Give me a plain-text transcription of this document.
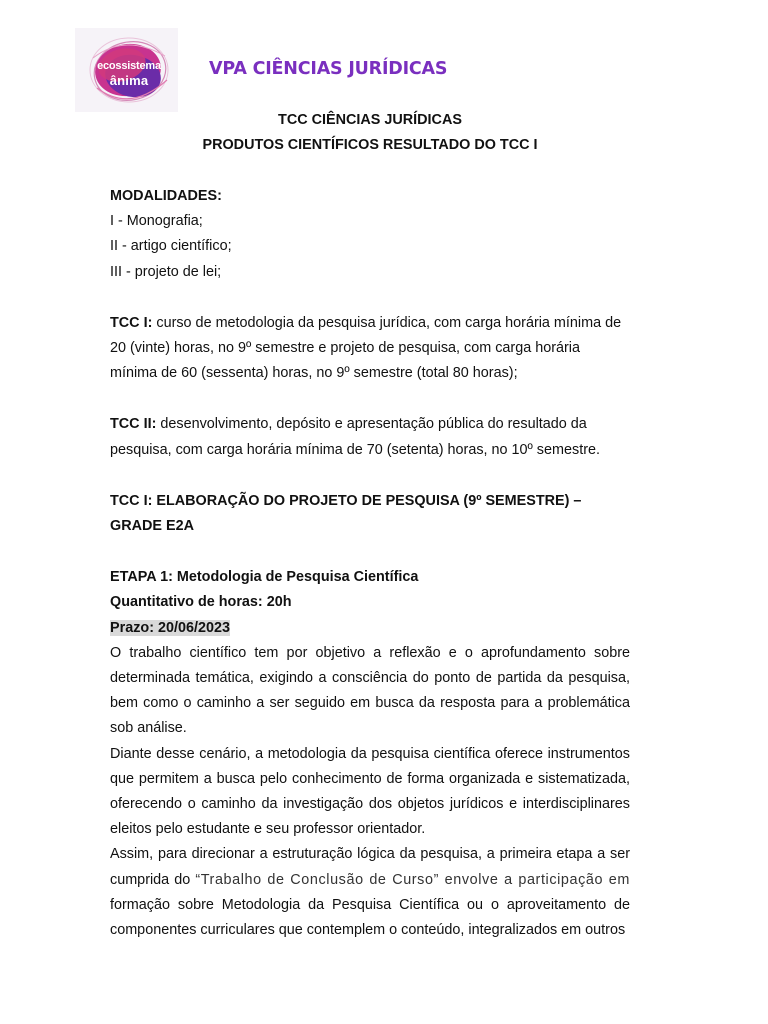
ecossistema
ânima
VPA CIÊNCIAS JURÍDICAS
TCC CIÊNCIAS JURÍDICAS
PRODUTOS CIENTÍFICOS RESULTADO DO TCC I
MODALIDADES:
I - Monografia;
II - artigo científico;
III - projeto de lei;

TCC I: curso de metodologia da pesquisa jurídica, com carga horária mínima de 20 (vinte) horas, no 9º semestre e projeto de pesquisa, com carga horária mínima de 60 (sessenta) horas, no 9º semestre (total 80 horas);

TCC II: desenvolvimento, depósito e apresentação pública do resultado da pesquisa, com carga horária mínima de 70 (setenta) horas, no 10º semestre.

TCC I: ELABORAÇÃO DO PROJETO DE PESQUISA (9º SEMESTRE) – GRADE E2A
ETAPA 1: Metodologia de Pesquisa Científica
Quantitativo de horas: 20h
Prazo: 20/06/2023

O trabalho científico tem por objetivo a reflexão e o aprofundamento sobre determinada temática, exigindo a consciência do ponto de partida da pesquisa, bem como o caminho a ser seguido em busca da resposta para a problemática sob análise.

Diante desse cenário, a metodologia da pesquisa científica oferece instrumentos que permitem a busca pelo conhecimento de forma organizada e sistematizada, oferecendo o caminho da investigação dos objetos jurídicos e interdisciplinares eleitos pelo estudante e seu professor orientador.

Assim, para direcionar a estruturação lógica da pesquisa, a primeira etapa a ser cumprida do “Trabalho de Conclusão de Curso” envolve a participação em formação sobre Metodologia da Pesquisa Científica ou o aproveitamento de componentes curriculares que contemplem o conteúdo, integralizados em outros
